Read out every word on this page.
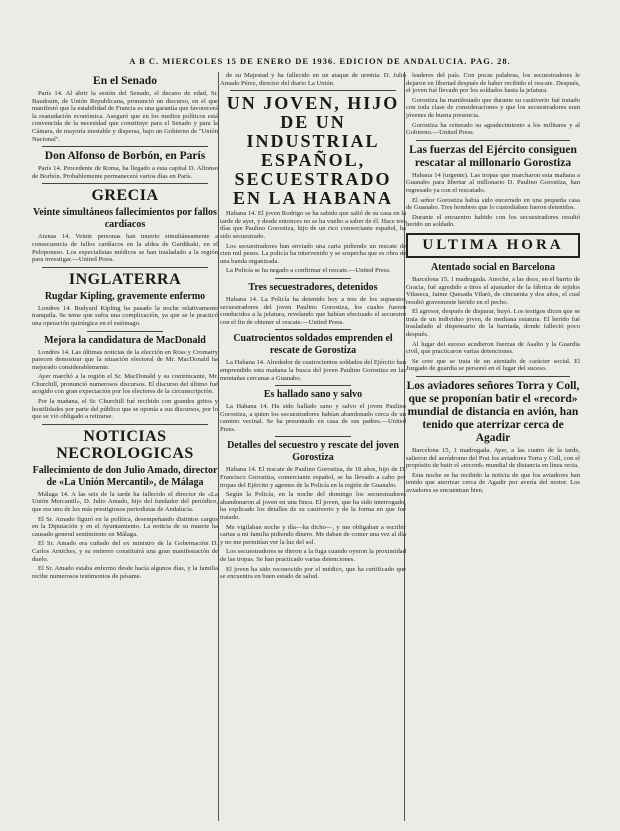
A B C. MIERCOLES 15 DE ENERO DE 1936. EDICION DE ANDALUCIA. PAG. 28.
En el Senado

París 14. Al abrir la sesión del Senado, el decano de edad, Sr. Baudouin, de Unión Republicana, pronunció un discurso, en el que manifestó que la estabilidad de Francia es una garantía que favorecerá la reanudación económica. Aseguró que en los medios políticos está convencida de la necesidad que constituye para el Senado y para la Cámara, de mayoría inestable y dispersa, bajo un Gobierno de "Unión Nacional".

Don Alfonso de Borbón, en París

París 14. Procedente de Roma, ha llegado a esta capital D. Alfonso de Borbón. Probablemente permanecerá varios días en París.

GRECIA
Veinte simultáneos fallecimientos por fallos cardíacos

Atenas 14. Veinte personas han muerto simultáneamente a consecuencia de fallos cardíacos en la aldea de Gardikaki, en el Peloponeso. Los especialistas médicos se han trasladado a la región para investigar.—United Press.

INGLATERRA
Rugdar Kipling, gravemente enfermo

Londres 14. Rudyard Kipling ha pasado la noche relativamente tranquila. Se teme que sufra una complicación, ya que se le practicó una operación quirúrgica en el estómago.

Mejora la candidatura de MacDonald

Londres 14. Las últimas noticias de la elección en Ross y Cromarty parecen demostrar que la situación electoral de Mr. MacDonald ha mejorado considerablemente.

Ayer marchó a la región el Sr. MacDonald y su contrincante, Mr. Churchill, pronunció numerosos discursos. El discurso del último fué acogido con gran expectación por los electores de la circunscripción.

Por la mañana, el Sr. Churchill fué recibido con grandes gritos y hostilidades por parte del público que se oponía a sus discursos, por lo que se vió obligado a retirarse.

NOTICIAS NECROLOGICAS
Fallecimiento de don Julio Amado, director de «La Unión Mercantil», de Málaga

Málaga 14. A las seis de la tarde ha fallecido el director de «La Unión Mercantil», D. Julio Amado, hijo del fundador del periódico, que era uno de los más prestigiosos periodistas de Andalucía.

El Sr. Amado figuró en la política, desempeñando distintos cargos en la Diputación y en el Ayuntamiento. La noticia de su muerte ha causado general sentimiento en Málaga.

El Sr. Amado era cuñado del ex ministro de la Gobernación D. Carlos Arniches, y su entierro constituirá una gran manifestación de duelo.

El Sr. Amado estaba enfermo desde hacía algunos días, y la familia recibe numerosos testimonios de pésame.

de su Majestad y ha fallecido en un ataque de uremia. D. Julio Amado Pérez, director del diario La Unión.

UN JOVEN, HIJO DE UN INDUSTRIAL ESPAÑOL, SECUESTRADO EN LA HABANA

Habana 14. El joven Rodrigo se ha sabido que salió de su casa en la tarde de ayer, y desde entonces no se ha vuelto a saber de él. Hace tres días que Paulino Gorostiza, hijo de un rico comerciante español, ha sido secuestrado.

Los secuestradores han enviado una carta pidiendo un rescate de cien mil pesos. La policía ha intervenido y se sospecha que es obra de una banda organizada.

La Policía se ha negado a confirmar el rescate.—United Press.

Tres secuestradores, detenidos

Habana 14. La Policía ha detenido hoy a tres de los supuestos secuestradores del joven Paulino Gorostiza, los cuales fueron conducidos a la jefatura, revelando que habían efectuado el secuestro con el fin de obtener el rescate.—United Press.

Cuatrocientos soldados emprenden el rescate de Gorostiza

La Habana 14. Alrededor de cuatrocientos soldados del Ejército han emprendido esta mañana la busca del joven Paulino Gorostiza en las montañas cercanas a Guanabo.

Es hallado sano y salvo

La Habana 14. Ha sido hallado sano y salvo el joven Paulino Gorostiza, a quien los secuestradores habían abandonado cerca de un camino vecinal. Se ha presentado en casa de sus padres.—United Press.

Detalles del secuestro y rescate del joven Gorostiza

Habana 14. El rescate de Paulino Gorostiza, de 18 años, hijo de D. Francisco Gorostiza, comerciante español, se ha llevado a cabo por tropas del Ejército y agentes de la Policía en la región de Guanabo.

Según la Policía, en la noche del domingo los secuestradores abandonaron al joven en una finca. El joven, que ha sido interrogado, ha explicado los detalles de su cautiverio y de la forma en que fué tratado.

Me vigilaban noche y día—ha dicho—, y me obligaban a escribir cartas a mi familia pidiendo dinero. Me daban de comer una vez al día y no me permitían ver la luz del sol.

Los secuestradores se dieron a la fuga cuando oyeron la proximidad de las tropas. Se han practicado varias detenciones.

El joven ha sido reconocido por el médico, que ha certificado que se encuentra en buen estado de salud.

leaderes del país. Con pocas palabras, los secuestradores le dejaron en libertad después de haber recibido el rescate. Después, el joven fué llevado por los soldados hasta la jefatura.

Gorostiza ha manifestado que durante su cautiverio fué tratado con toda clase de consideraciones y que los secuestradores eran jóvenes de buena presencia.

Gorostiza ha reiterado su agradecimiento a los militares y al Gobierno.—United Press.

Las fuerzas del Ejército consiguen rescatar al millonario Gorostiza

Habana 14 (urgente). Las tropas que marcharon esta mañana a Guanabo para libertar al millonario D. Paulino Gorostiza, han regresado ya con el rescatado.

El señor Gorostiza había sido encerrado en una pequeña casa de Guanabo. Tres hombres que lo custodiaban fueron detenidos.

Durante el encuentro habido con los secuestradores resultó herido un soldado.

ULTIMA HORA
Atentado social en Barcelona

Barcelona 15, 1 madrugada. Anoche, a las doce, en el barrio de Gracia, fué agredido a tiros el ajustador de la fábrica de tejidos Vilaseca, Jaime Quesada Vilaró, de cincuenta y dos años, el cual resultó gravemente herido en el pecho.

El agresor, después de disparar, huyó. Los testigos dicen que se trata de un individuo joven, de mediana estatura. El herido fué trasladado al dispensario de la barriada, donde falleció poco después.

Al lugar del suceso acudieron fuerzas de Asalto y la Guardia civil, que practicaron varias detenciones.

Se cree que se trata de un atentado de carácter social. El Juzgado de guardia se personó en el lugar del suceso.

Los aviadores señores Torra y Coll, que se proponían batir el «record» mundial de distancia en avión, han tenido que aterrizar cerca de Agadir

Barcelona 15, 1 madrugada. Ayer, a las cuatro de la tarde, salieron del aeródromo del Prat los aviadores Torra y Coll, con el propósito de batir el «record» mundial de distancia en línea recta.

Esta noche se ha recibido la noticia de que los aviadores han tenido que aterrizar cerca de Agadir por avería del motor. Los aviadores se encuentran bien.
